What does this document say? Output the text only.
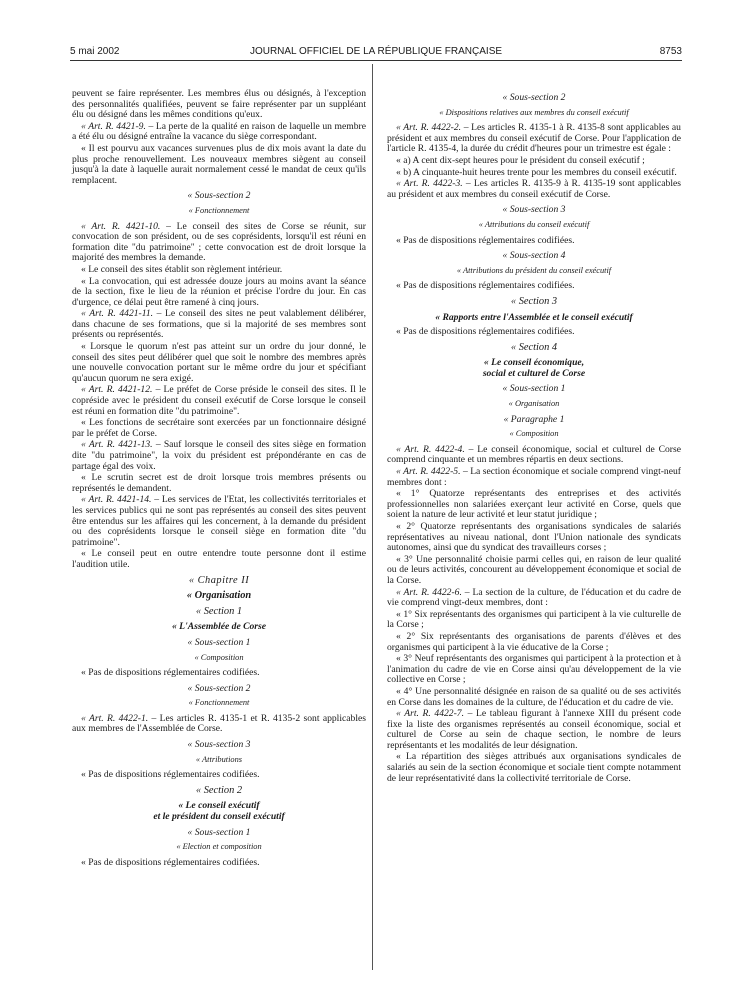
5 mai 2002	JOURNAL OFFICIEL DE LA RÉPUBLIQUE FRANÇAISE	8753

peuvent se faire représenter. Les membres élus ou désignés, à l'exception des personnalités qualifiées, peuvent se faire représenter par un suppléant élu ou désigné dans les mêmes conditions qu'eux.

« Art. R. 4421-9. – La perte de la qualité en raison de laquelle un membre a été élu ou désigné entraîne la vacance du siège correspondant.

« Il est pourvu aux vacances survenues plus de dix mois avant la date du plus proche renouvellement. Les nouveaux membres siègent au conseil jusqu'à la date à laquelle aurait normalement cessé le mandat de ceux qu'ils remplacent.

« Sous-section 2
« Fonctionnement

« Art. R. 4421-10. – Le conseil des sites de Corse se réunit, sur convocation de son président, ou de ses coprésidents, lorsqu'il est réuni en formation dite "du patrimoine" ; cette convocation est de droit lorsque la majorité des membres la demande.

« Le conseil des sites établit son règlement intérieur.

« La convocation, qui est adressée douze jours au moins avant la séance de la section, fixe le lieu de la réunion et précise l'ordre du jour. En cas d'urgence, ce délai peut être ramené à cinq jours.

« Art. R. 4421-11. – Le conseil des sites ne peut valablement délibérer, dans chacune de ses formations, que si la majorité de ses membres sont présents ou représentés.

« Lorsque le quorum n'est pas atteint sur un ordre du jour donné, le conseil des sites peut délibérer quel que soit le nombre des membres après une nouvelle convocation portant sur le même ordre du jour et spécifiant qu'aucun quorum ne sera exigé.

« Art. R. 4421-12. – Le préfet de Corse préside le conseil des sites. Il le copréside avec le président du conseil exécutif de Corse lorsque le conseil est réuni en formation dite "du patrimoine".

« Les fonctions de secrétaire sont exercées par un fonctionnaire désigné par le préfet de Corse.

« Art. R. 4421-13. – Sauf lorsque le conseil des sites siège en formation dite "du patrimoine", la voix du président est prépondérante en cas de partage égal des voix.

« Le scrutin secret est de droit lorsque trois membres présents ou représentés le demandent.

« Art. R. 4421-14. – Les services de l'Etat, les collectivités territoriales et les services publics qui ne sont pas représentés au conseil des sites peuvent être entendus sur les affaires qui les concernent, à la demande du président ou des coprésidents lorsque le conseil siège en formation dite "du patrimoine".

« Le conseil peut en outre entendre toute personne dont il estime l'audition utile.

« Chapitre II
« Organisation
« Section 1
« L'Assemblée de Corse
« Sous-section 1
« Composition

« Pas de dispositions réglementaires codifiées.

« Sous-section 2
« Fonctionnement

« Art. R. 4422-1. – Les articles R. 4135-1 et R. 4135-2 sont applicables aux membres de l'Assemblée de Corse.

« Sous-section 3
« Attributions

« Pas de dispositions réglementaires codifiées.

« Section 2
« Le conseil exécutif
et le président du conseil exécutif
« Sous-section 1
« Election et composition

« Pas de dispositions réglementaires codifiées.

« Sous-section 2
« Dispositions relatives aux membres du conseil exécutif

« Art. R. 4422-2. – Les articles R. 4135-1 à R. 4135-8 sont applicables au président et aux membres du conseil exécutif de Corse. Pour l'application de l'article R. 4135-4, la durée du crédit d'heures pour un trimestre est égale :

« a) A cent dix-sept heures pour le président du conseil exécutif ;

« b) A cinquante-huit heures trente pour les membres du conseil exécutif.

« Art. R. 4422-3. – Les articles R. 4135-9 à R. 4135-19 sont applicables au président et aux membres du conseil exécutif de Corse.

« Sous-section 3
« Attributions du conseil exécutif

« Pas de dispositions réglementaires codifiées.

« Sous-section 4
« Attributions du président du conseil exécutif

« Pas de dispositions réglementaires codifiées.

« Section 3
« Rapports entre l'Assemblée et le conseil exécutif

« Pas de dispositions réglementaires codifiées.

« Section 4
« Le conseil économique,
social et culturel de Corse
« Sous-section 1
« Organisation
« Paragraphe 1
« Composition

« Art. R. 4422-4. – Le conseil économique, social et culturel de Corse comprend cinquante et un membres répartis en deux sections.

« Art. R. 4422-5. – La section économique et sociale comprend vingt-neuf membres dont :

« 1° Quatorze représentants des entreprises et des activités professionnelles non salariées exerçant leur activité en Corse, quels que soient la nature de leur activité et leur statut juridique ;

« 2° Quatorze représentants des organisations syndicales de salariés représentatives au niveau national, dont l'Union nationale des syndicats autonomes, ainsi que du syndicat des travailleurs corses ;

« 3° Une personnalité choisie parmi celles qui, en raison de leur qualité ou de leurs activités, concourent au développement économique et social de la Corse.

« Art. R. 4422-6. – La section de la culture, de l'éducation et du cadre de vie comprend vingt-deux membres, dont :

« 1° Six représentants des organismes qui participent à la vie culturelle de la Corse ;

« 2° Six représentants des organisations de parents d'élèves et des organismes qui participent à la vie éducative de la Corse ;

« 3° Neuf représentants des organismes qui participent à la protection et à l'animation du cadre de vie en Corse ainsi qu'au développement de la vie collective en Corse ;

« 4° Une personnalité désignée en raison de sa qualité ou de ses activités en Corse dans les domaines de la culture, de l'éducation et du cadre de vie.

« Art. R. 4422-7. – Le tableau figurant à l'annexe XIII du présent code fixe la liste des organismes représentés au conseil économique, social et culturel de Corse au sein de chaque section, le nombre de leurs représentants et les modalités de leur désignation.

« La répartition des sièges attribués aux organisations syndicales de salariés au sein de la section économique et sociale tient compte notamment de leur représentativité dans la collectivité territoriale de Corse.
